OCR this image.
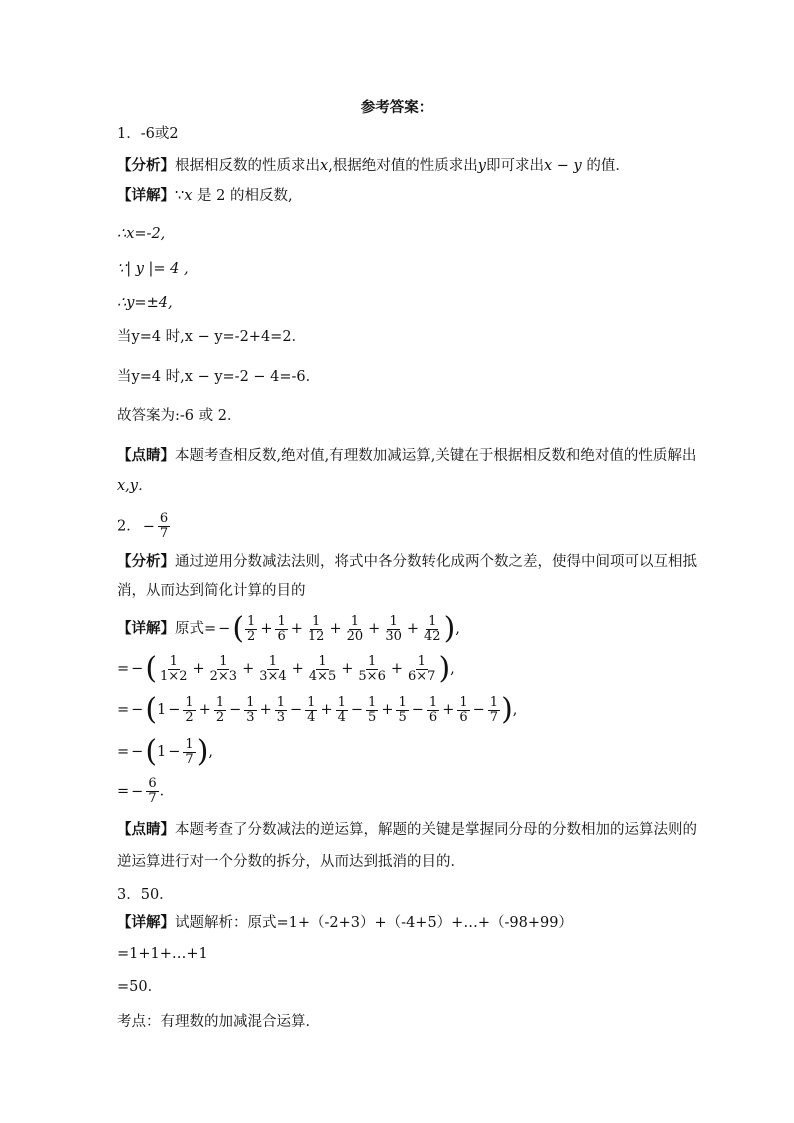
参考答案：
1．-6或2
【分析】根据相反数的性质求出x,根据绝对值的性质求出y即可求出x − y 的值．
【详解】∵x 是 2 的相反数,
∴x=-2,
∵| y |= 4 ,
∴y=±4,
当y=4 时,x − y=-2+4=2．
当y=4 时,x − y=-2 − 4=-6．
故答案为:-6 或 2．
【点睛】本题考查相反数,绝对值,有理数加减运算,关键在于根据相反数和绝对值的性质解出
x,y．
2． − $\frac{6}{7}$
【分析】通过逆用分数减法法则，将式中各分数转化成两个数之差，使得中间项可以互相抵
消，从而达到简化计算的目的
【详解】原式= −( $\frac{1}{2} + \frac{1}{6} + \frac{1}{12} + \frac{1}{20} + \frac{1}{30} + \frac{1}{42}$ ),
= −( $\frac{1}{1\times 2} + \frac{1}{2\times 3} + \frac{1}{3\times 4} + \frac{1}{4\times 5} + \frac{1}{5\times 6} + \frac{1}{6\times 7}$ ),
= $-(1 - \frac{1}{2} + \frac{1}{2} - \frac{1}{3} + \frac{1}{3} - \frac{1}{4} + \frac{1}{4} - \frac{1}{5} + \frac{1}{5} - \frac{1}{6} + \frac{1}{6} - \frac{1}{7}$ ),
= $-(1 - \frac{1}{7}$ ),
= − $\frac{6}{7}$ ．
【点睛】本题考查了分数减法的逆运算，解题的关键是掌握同分母的分数相加的运算法则的
逆运算进行对一个分数的拆分，从而达到抵消的目的．
3．50．
【详解】试题解析：原式=1+（-2+3）+（-4+5）+…+（-98+99）
=1+1+…+1
=50．
考点：有理数的加减混合运算．
